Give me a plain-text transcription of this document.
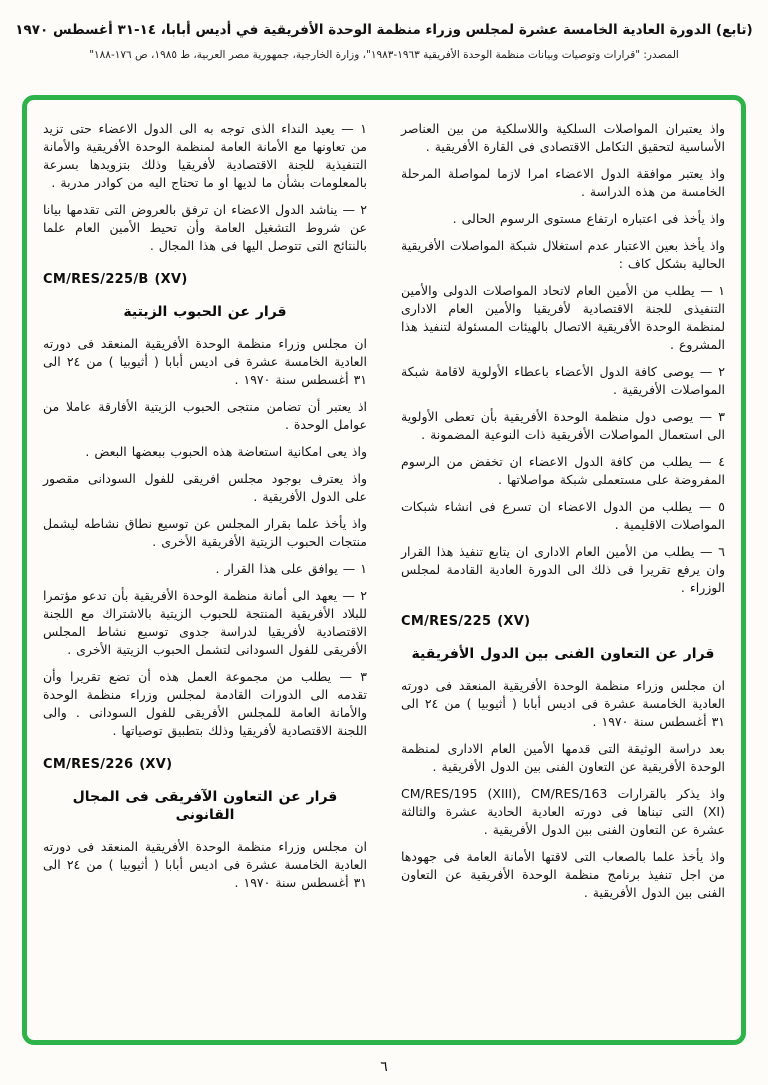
(تابع) الدورة العادية الخامسة عشرة لمجلس وزراء منظمة الوحدة الأفريقية في أديس أبابا، ١٤-٣١ أغسطس ١٩٧٠
المصدر: "قرارات وتوصيات وبيانات منظمة الوحدة الأفريقية ١٩٦٣-١٩٨٣"، وزارة الخارجية، جمهورية مصر العربية، ط ١٩٨٥، ص ١٧٦-١٨٨"
واذ يعتبران المواصلات السلكية واللاسلكية من بين العناصر الأساسية لتحقيق التكامل الاقتصادى فى القارة الأفريقية .
واذ يعتبر موافقة الدول الاعضاء امرا لازما لمواصلة المرحلة الخامسة من هذه الدراسة .
واذ يأخذ فى اعتباره ارتفاع مستوى الرسوم الحالى .
واذ يأخذ بعين الاعتبار عدم استغلال شبكة المواصلات الأفريقية الحالية بشكل كاف :
١ — يطلب من الأمين العام لاتحاد المواصلات الدولى والأمين التنفيذى للجنة الاقتصادية لأفريقيا والأمين العام الادارى لمنظمة الوحدة الأفريقية الاتصال بالهيئات المسئولة لتنفيذ هذا المشروع .
٢ — يوصى كافة الدول الأعضاء باعطاء الأولوية لاقامة شبكة المواصلات الأفريقية .
٣ — يوصى دول منظمة الوحدة الأفريقية بأن تعطى الأولوية الى استعمال المواصلات الأفريقية ذات النوعية المضمونة .
٤ — يطلب من كافة الدول الاعضاء ان تخفض من الرسوم المفروضة على مستعملى شبكة مواصلاتها .
٥ — يطلب من الدول الاعضاء ان تسرع فى انشاء شبكات المواصلات الاقليمية .
٦ — يطلب من الأمين العام الادارى ان يتابع تنفيذ هذا القرار وان يرفع تقريرا فى ذلك الى الدورة العادية القادمة لمجلس الوزراء .
CM/RES/225 (XV)
قرار عن التعاون الفنى بين الدول الأفريقية
ان مجلس وزراء منظمة الوحدة الأفريقية المنعقد فى دورته العادية الخامسة عشرة فى اديس أبابا ( أثيوبيا ) من ٢٤ الى ٣١ أغسطس سنة ١٩٧٠ .
بعد دراسة الوثيقة التى قدمها الأمين العام الادارى لمنظمة الوحدة الأفريقية عن التعاون الفنى بين الدول الأفريقية .
واذ يذكر بالقرارات CM/RES/195 (XIII), CM/RES/163 (XI) التى تبناها فى دورته العادية الحادية عشرة والثالثة عشرة عن التعاون الفنى بين الدول الأفريقية .
واذ يأخذ علما بالصعاب التى لاقتها الأمانة العامة فى جهودها من اجل تنفيذ برنامج منظمة الوحدة الأفريقية عن التعاون الفنى بين الدول الأفريقية .
١ — يعيد النداء الذى توجه به الى الدول الاعضاء حتى تزيد من تعاونها مع الأمانة العامة لمنظمة الوحدة الأفريقية والأمانة التنفيذية للجنة الاقتصادية لأفريقيا وذلك بتزويدها بسرعة بالمعلومات بشأن ما لديها او ما تحتاج اليه من كوادر مدربة .
٢ — يناشد الدول الاعضاء ان ترفق بالعروض التى تقدمها بيانا عن شروط التشغيل العامة وأن تحيط الأمين العام علما بالنتائج التى تتوصل اليها فى هذا المجال .
CM/RES/225/B (XV)
قرار عن الحبوب الزيتية
ان مجلس وزراء منظمة الوحدة الأفريقية المنعقد فى دورته العادية الخامسة عشرة فى اديس أبابا ( أثيوبيا ) من ٢٤ الى ٣١ أغسطس سنة ١٩٧٠ .
اذ يعتبر أن تضامن منتجى الحبوب الزيتية الأفارقة عاملا من عوامل الوحدة .
واذ يعى امكانية استعاضة هذه الحبوب ببعضها البعض .
واذ يعترف بوجود مجلس افريقى للفول السودانى مقصور على الدول الأفريقية .
واذ يأخذ علما بقرار المجلس عن توسيع نطاق نشاطه ليشمل منتجات الحبوب الزيتية الأفريقية الأخرى .
١ — يوافق على هذا القرار .
٢ — يعهد الى أمانة منظمة الوحدة الأفريقية بأن تدعو مؤتمرا للبلاد الأفريقية المنتجة للحبوب الزيتية بالاشتراك مع اللجنة الاقتصادية لأفريقيا لدراسة جدوى توسيع نشاط المجلس الأفريقى للفول السودانى لتشمل الحبوب الزيتية الأخرى .
٣ — يطلب من مجموعة العمل هذه أن تضع تقريرا وأن تقدمه الى الدورات القادمة لمجلس وزراء منظمة الوحدة والأمانة العامة للمجلس الأفريقى للفول السودانى . والى اللجنة الاقتصادية لأفريقيا وذلك بتطبيق توصياتها .
CM/RES/226 (XV)
قرار عن التعاون الآفريقى فى المجال القانونى
ان مجلس وزراء منظمة الوحدة الأفريقية المنعقد فى دورته العادية الخامسة عشرة فى اديس أبابا ( أثيوبيا ) من ٢٤ الى ٣١ أغسطس سنة ١٩٧٠ .
٦
